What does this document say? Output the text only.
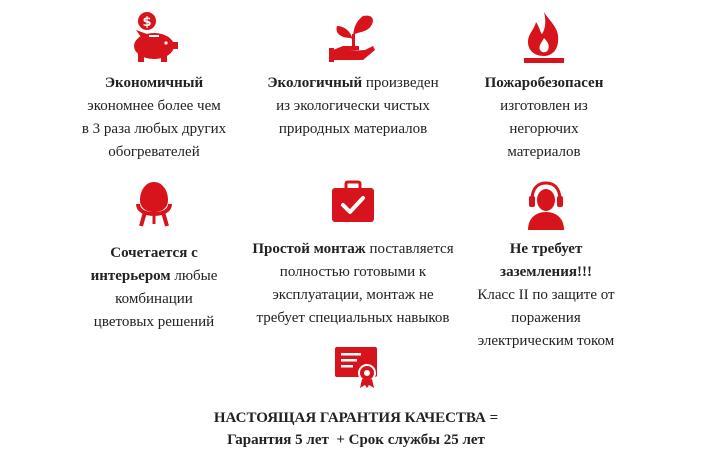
$
Экономичный
экономнее более чем
в 3 раза любых других
обогревателей
Экологичный произведен
из экологически чистых
природных материалов
Пожаробезопасен
изготовлен из
негорючих
материалов
Сочетается с
интерьером любые
комбинации
цветовых решений
Простой монтаж поставляется
полностью готовыми к
эксплуатации, монтаж не
требует специальных навыков
Не требует
заземления!!!
Класс II по защите от
поражения
электрическим током
НАСТОЯЩАЯ ГАРАНТИЯ КАЧЕСТВА =
Гарантия 5 лет  + Срок службы 25 лет
